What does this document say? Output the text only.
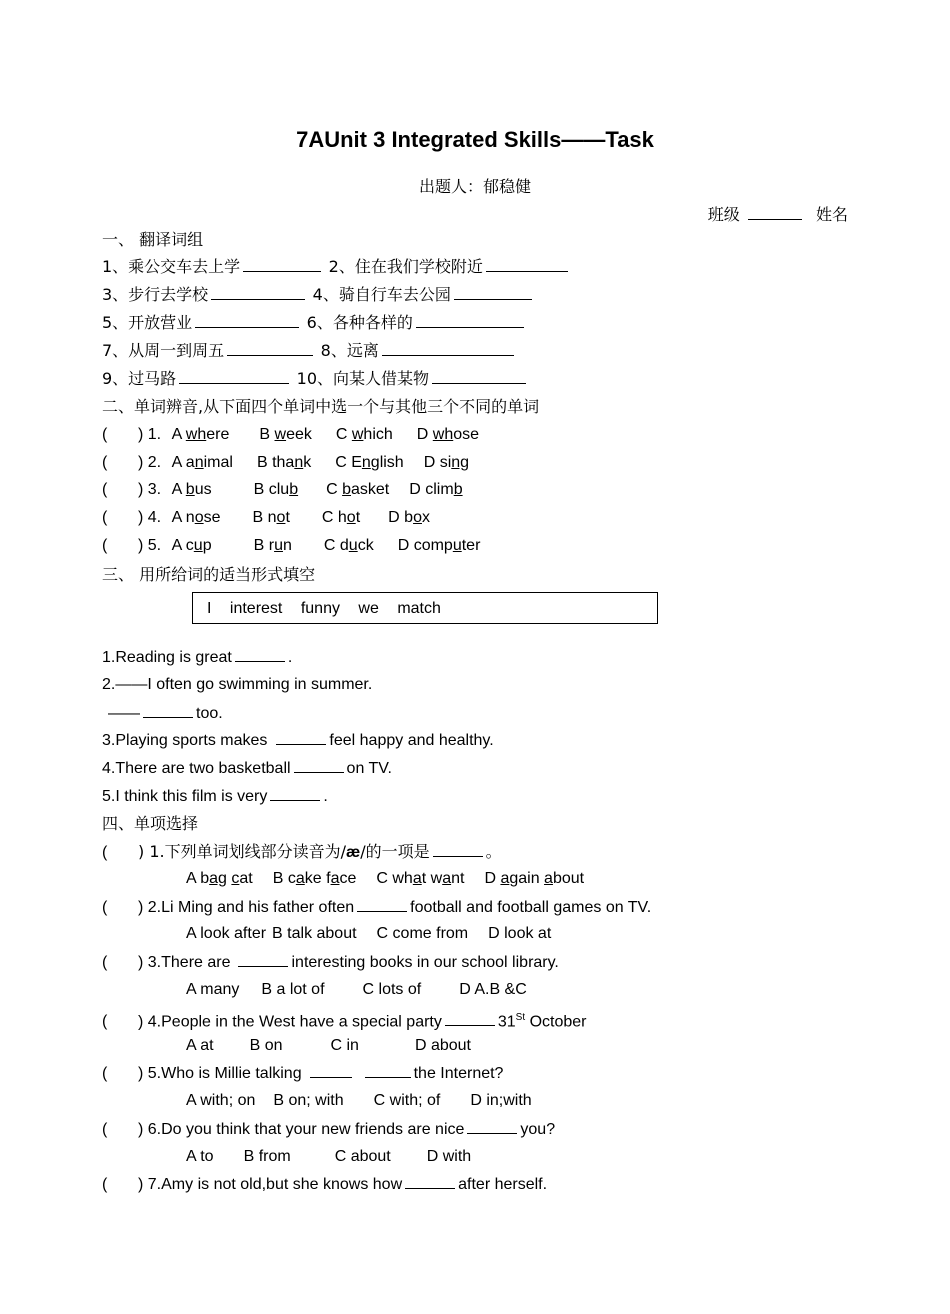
7AUnit 3 Integrated Skills——Task
出题人：郁稳健
班级	姓名
一、 翻译词组
1、乘公交车去上学	2、住在我们学校附近
3、步行去学校	4、骑自行车去公园
5、开放营业	6、各种各样的
7、从周一到周五	8、远离
9、过马路	10、向某人借某物
二、单词辨音,从下面四个单词中选一个与其他三个不同的单词
( ) 1. A where B week C which D whose
( ) 2. A animal B thank C English D sing
( ) 3. A bus	B club C basket D climb
( ) 4. A nose B not C hot D box
( ) 5. A cup	B run C duck D computer
三、 用所给词的适当形式填空
I interest funny we match
1.Reading is great	.
2.——I often go swimming in summer.
——	too.
3.Playing sports makes	feel happy and healthy.
4.There are two basketball	on TV.
5.I think this film is very	.
四、单项选择
( ) 1.下列单词划线部分读音为/æ/的一项是	。
A bag cat B cake face C what want D again about
( ) 2.Li Ming and his father often	football and football games on TV.
A look after B talk about C come from D look at
( ) 3.There are	interesting books in our school library.
A many B a lot of C lots of D A.B &C
( ) 4.People in the West have a special party	31St October
A at B on	C in	D about
( ) 5.Who is Millie talking	the Internet?
A with; on B on; with C with; of D in;with
( ) 6.Do you think that your new friends are nice	you?
A to B from	C about D with
( ) 7.Amy is not old,but she knows how	after herself.
